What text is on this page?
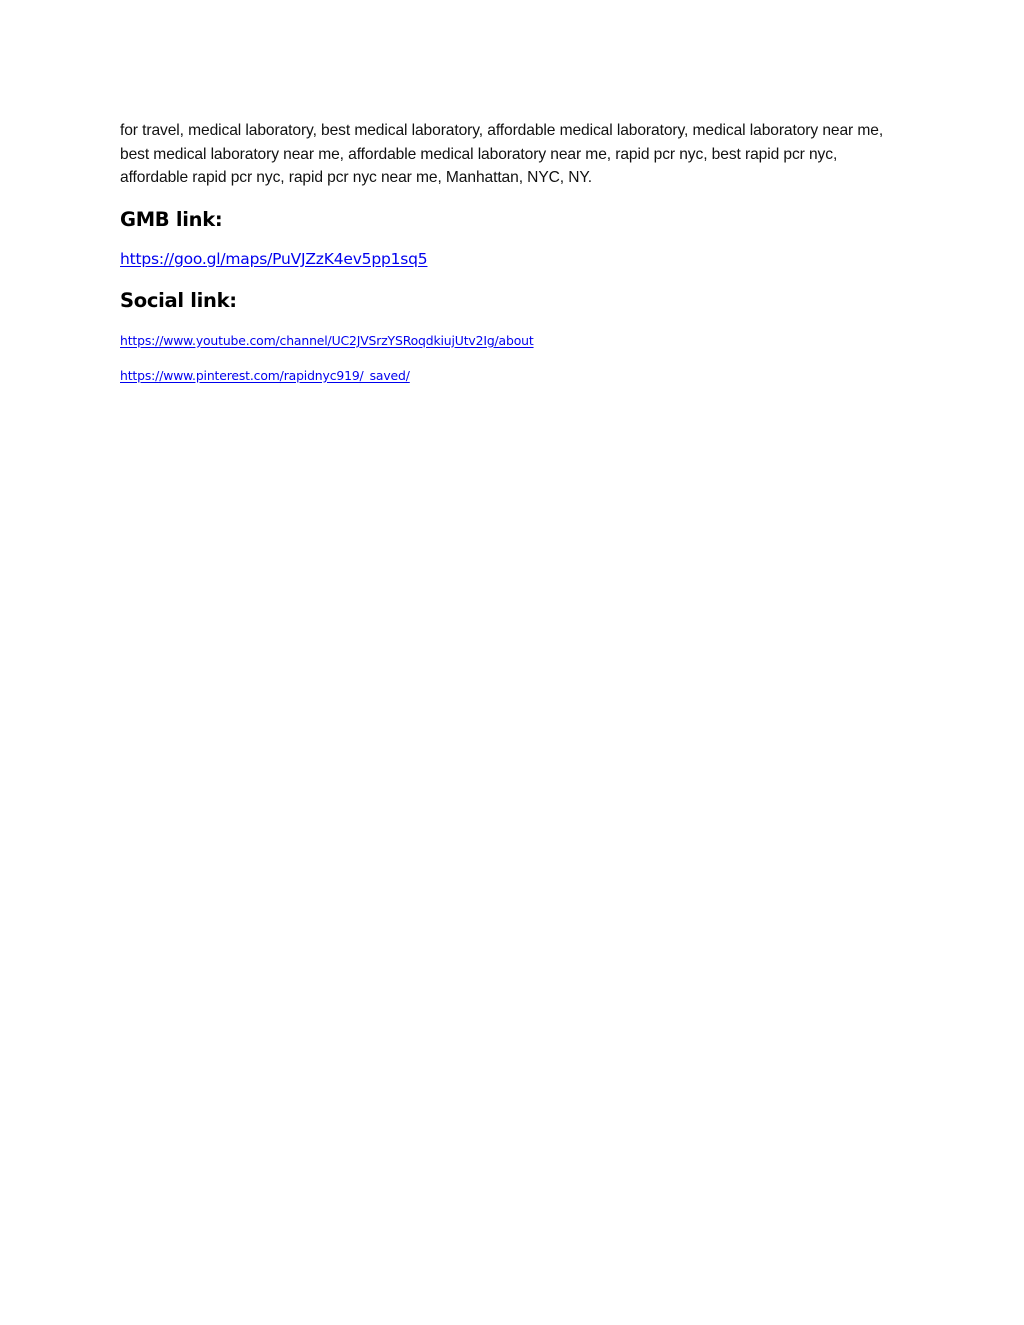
for travel, medical laboratory, best medical laboratory, affordable medical laboratory, medical laboratory near me, best medical laboratory near me, affordable medical laboratory near me, rapid pcr nyc, best rapid pcr nyc, affordable rapid pcr nyc, rapid pcr nyc near me, Manhattan, NYC, NY.

GMB link:

https://goo.gl/maps/PuVJZzK4ev5pp1sq5

Social link:

https://www.youtube.com/channel/UC2JVSrzYSRoqdkiujUtv2Ig/about

https://www.pinterest.com/rapidnyc919/_saved/
